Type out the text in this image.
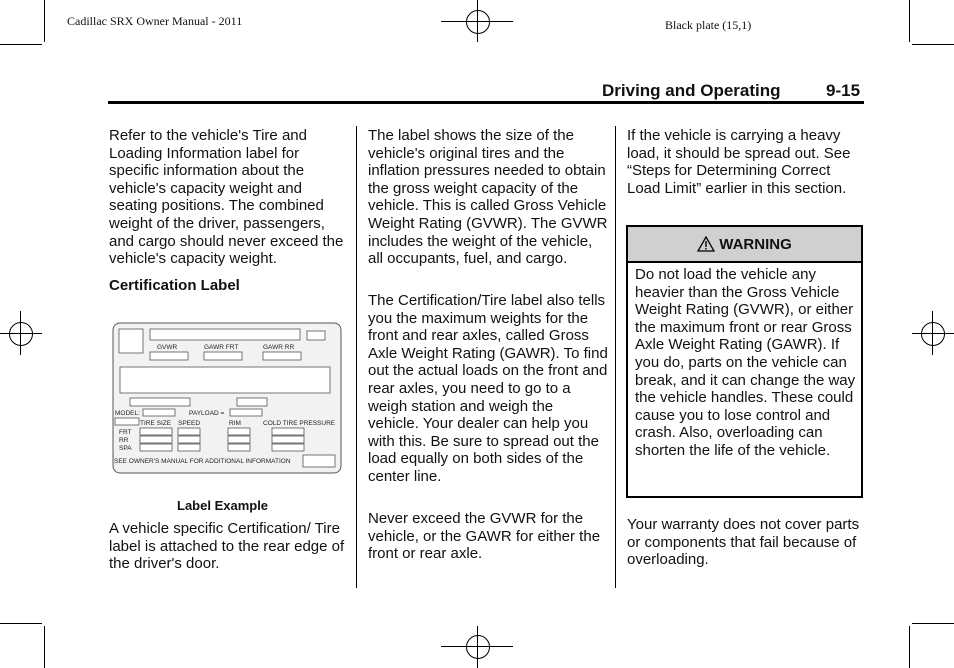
Cadillac SRX Owner Manual - 2011	Black plate (15,1)
Driving and Operating	9-15

Refer to the vehicle's Tire and Loading Information label for specific information about the vehicle's capacity weight and seating positions. The combined weight of the driver, passengers, and cargo should never exceed the vehicle's capacity weight.

Certification Label

GVWR	GAWR FRT	GAWR RR
MODEL:	PAYLOAD =
TIRE SIZE SPEED	RIM	COLD TIRE PRESSURE
FRT
RR
SPA
SEE OWNER'S MANUAL FOR ADDITIONAL INFORMATION
Label Example

A vehicle specific Certification/ Tire label is attached to the rear edge of the driver's door.

The label shows the size of the vehicle's original tires and the inflation pressures needed to obtain the gross weight capacity of the vehicle. This is called Gross Vehicle Weight Rating (GVWR). The GVWR includes the weight of the vehicle, all occupants, fuel, and cargo.

The Certification/Tire label also tells you the maximum weights for the front and rear axles, called Gross Axle Weight Rating (GAWR). To find out the actual loads on the front and rear axles, you need to go to a weigh station and weigh the vehicle. Your dealer can help you with this. Be sure to spread out the load equally on both sides of the center line.

Never exceed the GVWR for the vehicle, or the GAWR for either the front or rear axle.

If the vehicle is carrying a heavy load, it should be spread out. See “Steps for Determining Correct Load Limit” earlier in this section.

WARNING

Do not load the vehicle any heavier than the Gross Vehicle Weight Rating (GVWR), or either the maximum front or rear Gross Axle Weight Rating (GAWR). If you do, parts on the vehicle can break, and it can change the way the vehicle handles. These could cause you to lose control and crash. Also, overloading can shorten the life of the vehicle.

Your warranty does not cover parts or components that fail because of overloading.
